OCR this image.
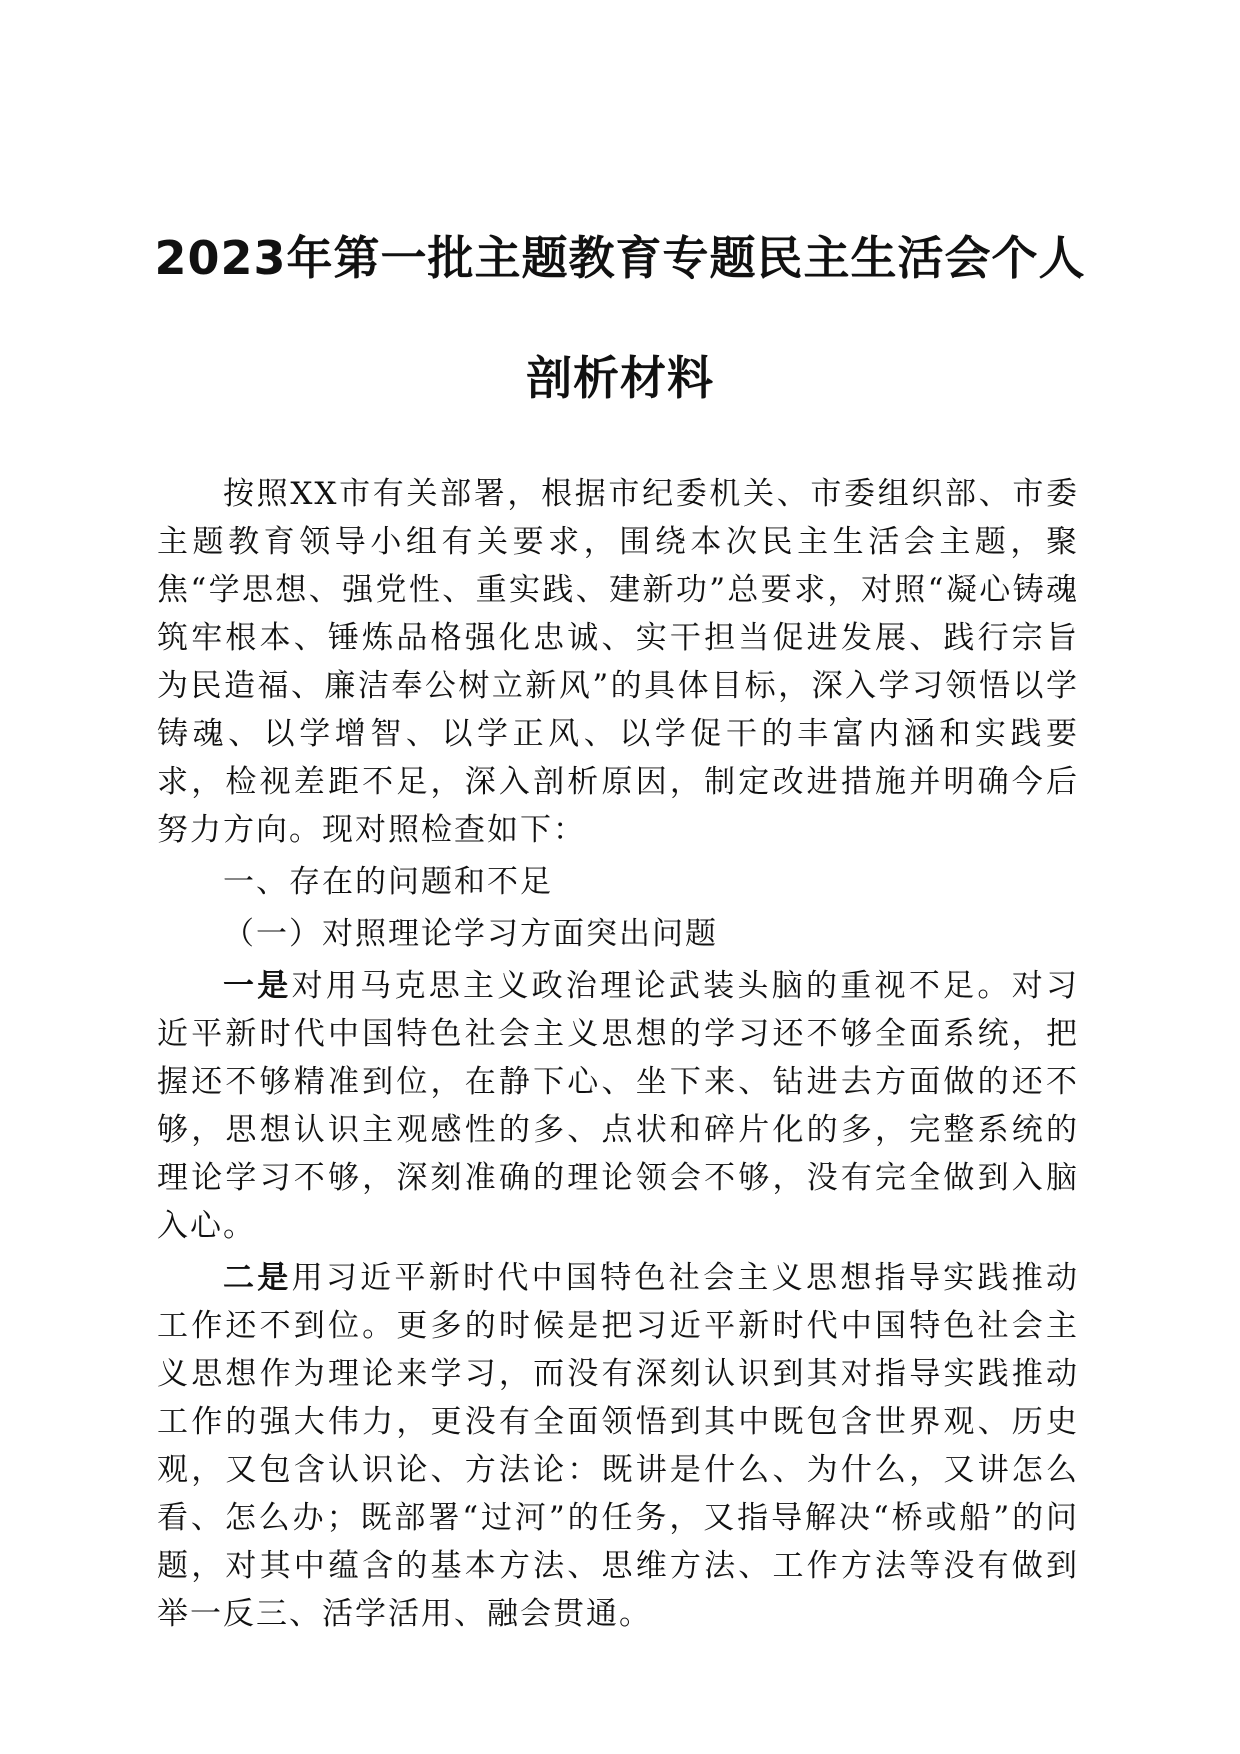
2023年第一批主题教育专题民主生活会个人
剖析材料

按照XX市有关部署，根据市纪委机关、市委组织部、市委主题教育领导小组有关要求，围绕本次民主生活会主题，聚焦“学思想、强党性、重实践、建新功”总要求，对照“凝心铸魂筑牢根本、锤炼品格强化忠诚、实干担当促进发展、践行宗旨为民造福、廉洁奉公树立新风”的具体目标，深入学习领悟以学铸魂、以学增智、以学正风、以学促干的丰富内涵和实践要求，检视差距不足，深入剖析原因，制定改进措施并明确今后努力方向。现对照检查如下：

一、存在的问题和不足

（一）对照理论学习方面突出问题

一是对用马克思主义政治理论武装头脑的重视不足。对习近平新时代中国特色社会主义思想的学习还不够全面系统，把握还不够精准到位，在静下心、坐下来、钻进去方面做的还不够，思想认识主观感性的多、点状和碎片化的多，完整系统的理论学习不够，深刻准确的理论领会不够，没有完全做到入脑入心。

二是用习近平新时代中国特色社会主义思想指导实践推动工作还不到位。更多的时候是把习近平新时代中国特色社会主义思想作为理论来学习，而没有深刻认识到其对指导实践推动工作的强大伟力，更没有全面领悟到其中既包含世界观、历史观，又包含认识论、方法论：既讲是什么、为什么，又讲怎么看、怎么办；既部署“过河”的任务，又指导解决“桥或船”的问题，对其中蕴含的基本方法、思维方法、工作方法等没有做到举一反三、活学活用、融会贯通。
